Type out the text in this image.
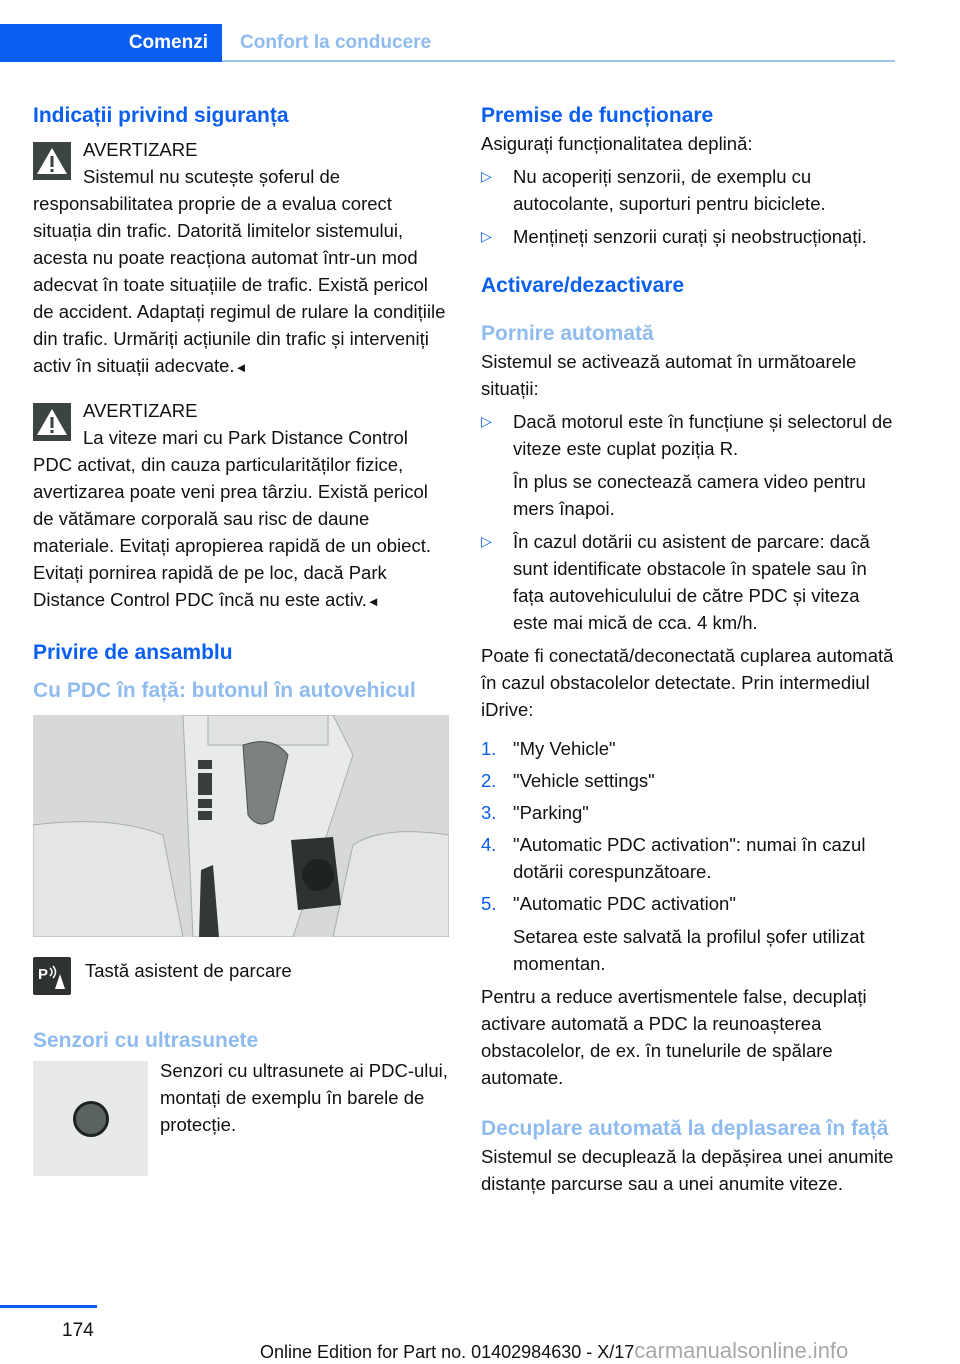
Comenzi Confort la conducere
Indicații privind siguranța
AVERTIZARE

Sistemul nu scutește șoferul de responsabilitatea proprie de a evalua corect situația din trafic. Datorită limitelor sistemului, acesta nu poate reacționa automat într-un mod adecvat în toate situațiile de trafic. Există pericol de accident. Adaptați regimul de rulare la condițiile din trafic. Urmăriți acțiunile din trafic și interveniți activ în situații adecvate.◄

AVERTIZARE

La viteze mari cu Park Distance Control PDC activat, din cauza particularităților fizice, avertizarea poate veni prea târziu. Există pericol de vătămare corporală sau risc de daune materiale. Evitați apropierea rapidă de un obiect. Evitați pornirea rapidă de pe loc, dacă Park Distance Control PDC încă nu este activ.◄

Privire de ansamblu
Cu PDC în față: butonul în autovehicul
P Tastă asistent de parcare
Senzori cu ultrasunete

Senzori cu ultrasunete ai PDC-ului, montați de exemplu în barele de protecție.

Premise de funcționare

Asigurați funcționalitatea deplină:

▷ Nu acoperiți senzorii, de exemplu cu autocolante, suporturi pentru biciclete.
▷ Mențineți senzorii curați și neobstrucționați.
Activare/dezactivare
Pornire automată

Sistemul se activează automat în următoarele situații:

▷ Dacă motorul este în funcțiune și selectorul de viteze este cuplat poziția R.
În plus se conectează camera video pentru mers înapoi.
▷ În cazul dotării cu asistent de parcare: dacă sunt identificate obstacole în spatele sau în fața autovehiculului de către PDC și viteza este mai mică de cca. 4 km/h.

Poate fi conectată/deconectată cuplarea automată în cazul obstacolelor detectate. Prin intermediul iDrive:

1. "My Vehicle"
2. "Vehicle settings"
3. "Parking"
4. "Automatic PDC activation": numai în cazul dotării corespunzătoare.
5. "Automatic PDC activation"
Setarea este salvată la profilul șofer utilizat momentan.

Pentru a reduce avertismentele false, decuplați activare automată a PDC la reunoașterea obstacolelor, de ex. în tunelurile de spălare automate.

Decuplare automată la deplasarea în față

Sistemul se decuplează la depășirea unei anumite distanțe parcurse sau a unei anumite viteze.

174
Online Edition for Part no. 01402984630 - X/17carmanualsonline.info
